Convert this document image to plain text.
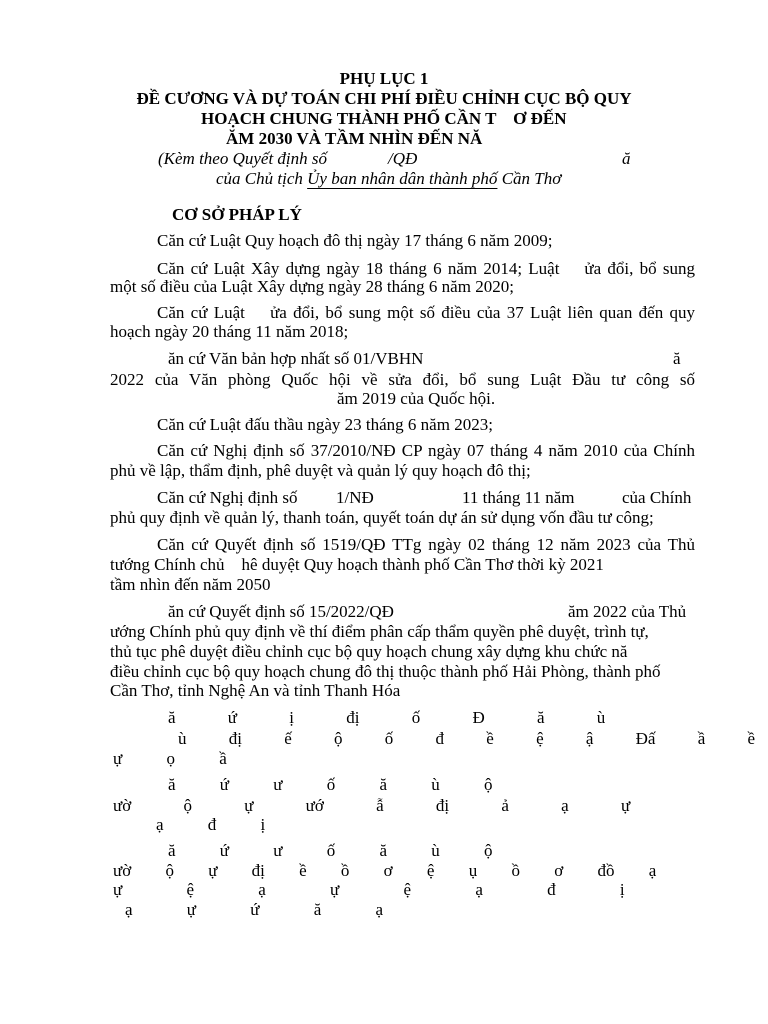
PHỤ LỤC 1
ĐỀ CƯƠNG VÀ DỰ TOÁN CHI PHÍ ĐIỀU CHỈNH CỤC BỘ QUY
HOẠCH CHUNG THÀNH PHỐ CẦN T    Ơ ĐẾN
ĂM 2030 VÀ TẦM NHÌN ĐẾN NĂ
(Kèm theo Quyết định số	/QĐ	ă
của Chủ tịch Ủy ban nhân dân thành phố Cần Thơ
CƠ SỞ PHÁP LÝ
Căn cứ Luật Quy hoạch đô thị ngày 17 tháng 6 năm 2009;
Căn cứ Luật Xây dựng ngày 18 tháng 6 năm 2014; Luật    ửa đổi, bổ sung
một số điều của Luật Xây dựng ngày 28 tháng 6 năm 2020;
Căn cứ Luật    ửa đổi, bổ sung một số điều của 37 Luật liên quan đến quy
hoạch ngày 20 tháng 11 năm 2018;
ăn cứ Văn bản hợp nhất số 01/VBHN	ă
2022 của Văn phòng Quốc hội về sửa đổi, bổ sung Luật Đầu tư công số
ăm 2019 của Quốc hội.
Căn cứ Luật đấu thầu ngày 23 tháng 6 năm 2023;
Căn cứ Nghị định số 37/2010/NĐ CP ngày 07 tháng 4 năm 2010 của Chính
phủ về lập, thẩm định, phê duyệt và quản lý quy hoạch đô thị;
Căn cứ Nghị định số 1/NĐ	11 tháng 11 năm	của Chính
phủ quy định về quản lý, thanh toán, quyết toán dự án sử dụng vốn đầu tư công;
Căn cứ Quyết định số 1519/QĐ TTg ngày 02 tháng 12 năm 2023 của Thủ
tướng Chính chủ    hê duyệt Quy hoạch thành phố Cần Thơ thời kỳ 2021
tầm nhìn đến năm 2050
ăn cứ Quyết định số 15/2022/QĐ	ăm 2022 của Thủ
ướng Chính phủ quy định về thí điểm phân cấp thẩm quyền phê duyệt, trình tự,
thủ tục phê duyệt điều chỉnh cục bộ quy hoạch chung xây dựng khu chức nă
điều chỉnh cục bộ quy hoạch chung đô thị thuộc thành phố Hải Phòng, thành phố
Cần Thơ, tỉnh Nghệ An và tỉnh Thanh Hóa
ă ứ ị đị ố Đ ă ù
ù đị ế ộ ố đ ề ệ ậ Đấ ầ ề
ự ọ ầ
ă ứ ư ố ă ù ộ
ườ ộ ự ướ ẫ đị ả ạ ự
ạ đ ị
ă ứ ư ố ă ù ộ
ườ ộ ự đị ề ồ ơ ệ ụ ồ ơ đồ ạ
ự ệ ạ ự ệ ạ đ ị
ạ ự ứ ă ạ
